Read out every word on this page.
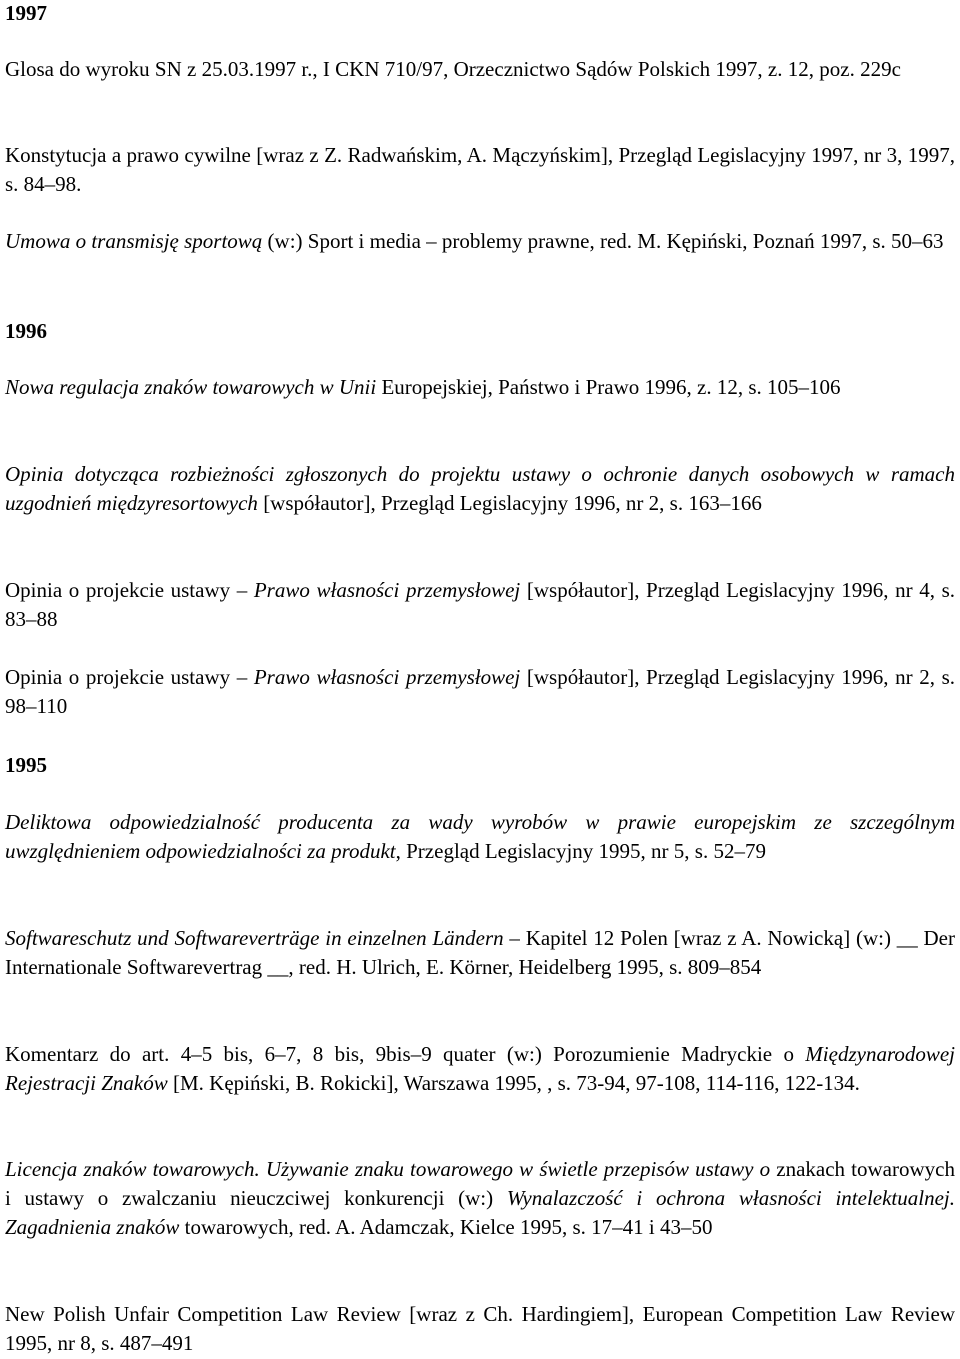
1997

Glosa do wyroku SN z 25.03.1997 r., I CKN 710/97, Orzecznictwo Sądów Polskich 1997, z. 12, poz. 229c

Konstytucja a prawo cywilne [wraz z Z. Radwańskim, A. Mączyńskim], Przegląd Legislacyjny 1997, nr 3, 1997, s. 84–98.

Umowa o transmisję sportową (w:) Sport i media – problemy prawne, red. M. Kępiński, Poznań 1997, s. 50–63

1996

Nowa regulacja znaków towarowych w Unii Europejskiej, Państwo i Prawo 1996, z. 12, s. 105–106

Opinia dotycząca rozbieżności zgłoszonych do projektu ustawy o ochronie danych osobowych w ramach uzgodnień międzyresortowych [współautor], Przegląd Legislacyjny 1996, nr 2, s. 163–166

Opinia o projekcie ustawy – Prawo własności przemysłowej [współautor], Przegląd Legislacyjny 1996, nr 4, s. 83–88

Opinia o projekcie ustawy – Prawo własności przemysłowej [współautor], Przegląd Legislacyjny 1996, nr 2, s. 98–110

1995

Deliktowa odpowiedzialność producenta za wady wyrobów w prawie europejskim ze szczególnym uwzględnieniem odpowiedzialności za produkt, Przegląd Legislacyjny 1995, nr 5, s. 52–79

Softwareschutz und Softwareverträge in einzelnen Ländern – Kapitel 12 Polen [wraz z A. Nowicką] (w:) __ Der Internationale Softwarevertrag __, red. H. Ulrich, E. Körner, Heidelberg 1995, s. 809–854

Komentarz do art. 4–5 bis, 6–7, 8 bis, 9bis–9 quater (w:) Porozumienie Madryckie o Międzynarodowej Rejestracji Znaków [M. Kępiński, B. Rokicki], Warszawa 1995, , s. 73-94, 97-108, 114-116, 122-134.

Licencja znaków towarowych. Używanie znaku towarowego w świetle przepisów ustawy o znakach towarowych i ustawy o zwalczaniu nieuczciwej konkurencji (w:) Wynalazczość i ochrona własności intelektualnej. Zagadnienia znaków towarowych, red. A. Adamczak, Kielce 1995, s. 17–41 i 43–50

New Polish Unfair Competition Law Review [wraz z Ch. Hardingiem], European Competition Law Review 1995, nr 8, s. 487–491
